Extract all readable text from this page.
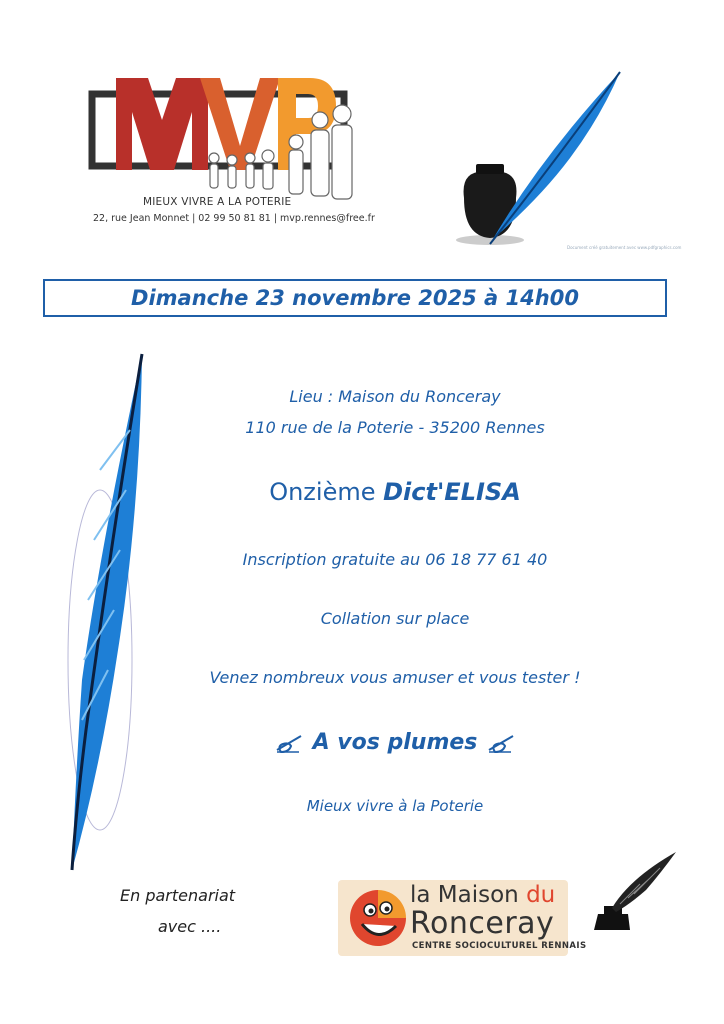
MIEUX VIVRE A LA POTERIE
22, rue Jean Monnet | 02 99 50 81 81 | mvp.rennes@free.fr
Document créé gratuitement avec www.pdfgraphics.com
Dimanche 23 novembre 2025 à 14h00
Lieu : Maison du Ronceray
110 rue de la Poterie - 35200 Rennes
Onzième Dict'ELISA
Inscription gratuite au 06 18 77 61 40
Collation sur place
Venez nombreux vous amuser et vous tester !
A vos plumes
Mieux vivre à la Poterie
En partenariat
avec ....
la Maison du
Ronceray
CENTRE SOCIOCULTUREL RENNAIS
